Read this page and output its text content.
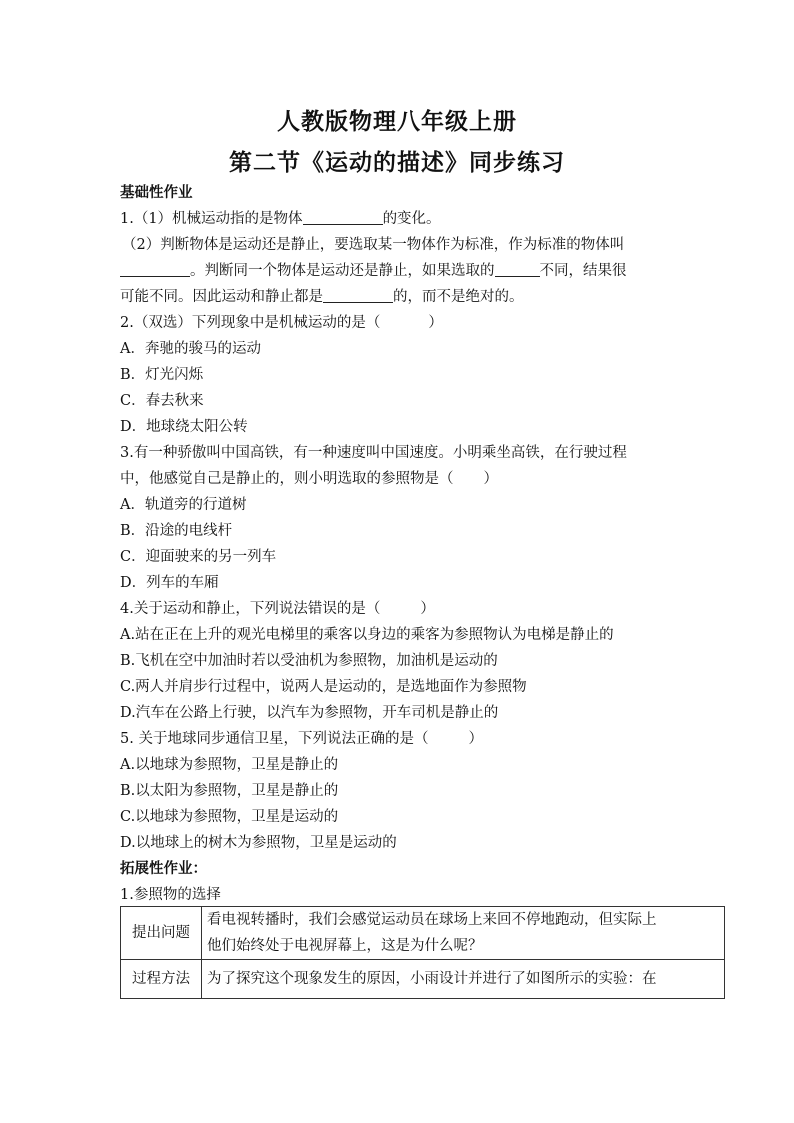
人教版物理八年级上册
第二节《运动的描述》同步练习
基础性作业
1.（1）机械运动指的是物体	的变化。
（2）判断物体是运动还是静止，要选取某一物体作为标准，作为标准的物体叫
。判断同一个物体是运动还是静止，如果选取的	不同，结果很
可能不同。因此运动和静止都是	的，而不是绝对的。
2.（双选）下列现象中是机械运动的是（	）
A．奔驰的骏马的运动
B．灯光闪烁
C．春去秋来
D．地球绕太阳公转
3.有一种骄傲叫中国高铁，有一种速度叫中国速度。小明乘坐高铁，在行驶过程
中，他感觉自己是静止的，则小明选取的参照物是（ ）
A．轨道旁的行道树
B．沿途的电线杆
C．迎面驶来的另一列车
D．列车的车厢
4.关于运动和静止，下列说法错误的是（	）
A.站在正在上升的观光电梯里的乘客以身边的乘客为参照物认为电梯是静止的
B.飞机在空中加油时若以受油机为参照物，加油机是运动的
C.两人并肩步行过程中，说两人是运动的，是选地面作为参照物
D.汽车在公路上行驶，以汽车为参照物，开车司机是静止的
5. 关于地球同步通信卫星，下列说法正确的是（	）
A.以地球为参照物，卫星是静止的
B.以太阳为参照物，卫星是静止的
C.以地球为参照物，卫星是运动的
D.以地球上的树木为参照物，卫星是运动的
拓展性作业：
1.参照物的选择
提出问题	看电视转播时，我们会感觉运动员在球场上来回不停地跑动，但实际上
他们始终处于电视屏幕上，这是为什么呢？

过程方法	为了探究这个现象发生的原因，小雨设计并进行了如图所示的实验：在
